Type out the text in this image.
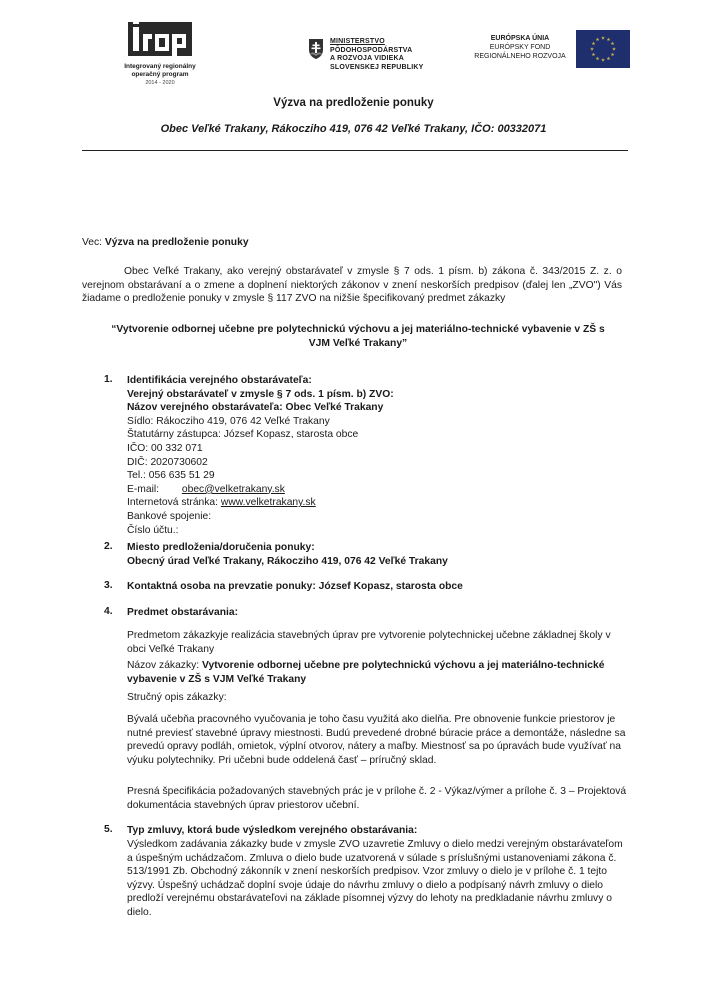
Integrovaný regionálny
operačný program
2014 - 2020
MINISTERSTVO
PÔDOHOSPODÁRSTVA
A ROZVOJA VIDIEKA
SLOVENSKEJ REPUBLIKY
EURÓPSKA ÚNIA
EURÓPSKY FOND
REGIONÁLNEHO ROZVOJA
Výzva na predloženie ponuky
Obec Veľké Trakany, Rákocziho 419, 076 42 Veľké Trakany, IČO: 00332071
Vec: Výzva na predloženie ponuky
Obec Veľké Trakany, ako verejný obstarávateľ v zmysle § 7 ods. 1 písm. b) zákona č. 343/2015 Z. z. o verejnom obstarávaní a o zmene a doplnení niektorých zákonov v znení neskorších predpisov (ďalej len „ZVO") Vás žiadame o predloženie ponuky v zmysle § 117 ZVO na nižšie špecifikovaný predmet zákazky
“Vytvorenie odbornej učebne pre polytechnickú výchovu a jej materiálno-technické vybavenie v ZŠ s VJM Veľké Trakany”
1. Identifikácia verejného obstarávateľa:
Verejný obstarávateľ v zmysle § 7 ods. 1 písm. b) ZVO:
Názov verejného obstarávateľa: Obec Veľké Trakany
Sídlo: Rákocziho 419, 076 42 Veľké Trakany
Štatutárny zástupca: József Kopasz, starosta obce
IČO: 00 332 071
DIČ: 2020730602
Tel.: 056 635 51 29
E-mail: obec@velketrakany.sk
Internetová stránka: www.velketrakany.sk
Bankové spojenie:
Číslo účtu.:
2. Miesto predloženia/doručenia ponuky:
Obecný úrad Veľké Trakany, Rákocziho 419, 076 42 Veľké Trakany
3. Kontaktná osoba na prevzatie ponuky: József Kopasz, starosta obce
4. Predmet obstarávania:
Predmetom zákazkyje realizácia stavebných úprav pre vytvorenie polytechnickej učebne základnej školy v obci Veľké Trakany
Názov zákazky: Vytvorenie odbornej učebne pre polytechnickú výchovu a jej materiálno-technické vybavenie v ZŠ s VJM Veľké Trakany
Stručný opis zákazky:
Bývalá učebňa pracovného vyučovania je toho času využitá ako dielňa. Pre obnovenie funkcie priestorov je nutné previesť stavebné úpravy miestnosti. Budú prevedené drobné búracie práce a demontáže, následne sa prevedú opravy podláh, omietok, výplní otvorov, nátery a maľby. Miestnosť sa po úpravách bude využívať na výuku polytechniky. Pri učebni bude oddelená časť – príručný sklad.
Presná špecifikácia požadovaných stavebných prác je v prílohe č. 2 - Výkaz/výmer a prílohe č. 3 – Projektová dokumentácia stavebných úprav priestorov učební.
5. Typ zmluvy, ktorá bude výsledkom verejného obstarávania:
Výsledkom zadávania zákazky bude v zmysle ZVO uzavretie Zmluvy o dielo medzi verejným obstarávateľom a úspešným uchádzačom. Zmluva o dielo bude uzatvorená v súlade s príslušnými ustanoveniami zákona č. 513/1991 Zb. Obchodný zákonník v znení neskorších predpisov. Vzor zmluvy o dielo je v prílohe č. 1 tejto výzvy. Úspešný uchádzač doplní svoje údaje do návrhu zmluvy o dielo a podpísaný návrh zmluvy o dielo predloží verejnému obstarávateľovi na základe písomnej výzvy do lehoty na predkladanie návrhu zmluvy o dielo.
